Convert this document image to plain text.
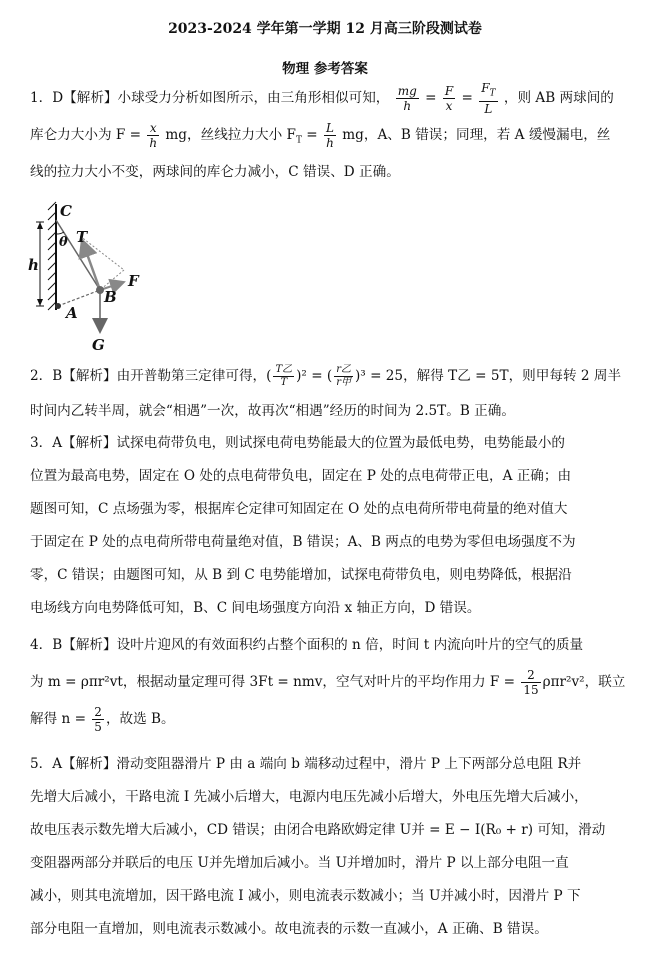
2023-2024 学年第一学期 12 月高三阶段测试卷
物理 参考答案
1．D【解析】小球受力分析如图所示，由三角形相似可知， $\frac{mg}{h} = \frac{F}{x} = \frac{F_T}{L}$ ，则 AB 两球间的
库仑力大小为 $F = \frac{x}{h}$ mg，丝线拉力大小 $F_T = \frac{L}{h}$ mg，A、B 错误；同理，若 A 缓慢漏电，丝
线的拉力大小不变，两球间的库仑力减小，C 错误、D 正确。
C
θ T
h
B
F
A
G
2．B【解析】由开普勒第三定律可得，( $\frac{\text{T乙}}{T} )^2$ = ( $\frac{\text{r乙}}{\text{r甲}} )^3 = 25$，解得 T乙 = 5T，则甲每转 2 周半
时间内乙转半周，就会“相遇”一次，故再次“相遇”经历的时间为 2.5T。B 正确。
3．A【解析】试探电荷带负电，则试探电荷电势能最大的位置为最低电势，电势能最小的
位置为最高电势，固定在 O 处的点电荷带负电，固定在 P 处的点电荷带正电，A 正确；由
题图可知，C 点场强为零，根据库仑定律可知固定在 O 处的点电荷所带电荷量的绝对值大
于固定在 P 处的点电荷所带电荷量绝对值，B 错误；A、B 两点的电势为零但电场强度不为
零，C 错误；由题图可知，从 B 到 C 电势能增加，试探电荷带负电，则电势降低，根据沿
电场线方向电势降低可知，B、C 间电场强度方向沿 x 轴正方向，D 错误。
4．B【解析】设叶片迎风的有效面积约占整个面积的 n 倍，时间 t 内流向叶片的空气的质量
为 m = ρπr²vt，根据动量定理可得 3Ft = nmv，空气对叶片的平均作用力 $F = \frac{2}{15} \rho\pi r^2v^2$，联立
解得 $n = \frac{2}{5}$ ，故选 B。
5．A【解析】滑动变阻器滑片 P 由 a 端向 b 端移动过程中，滑片 P 上下两部分总电阻 R并
先增大后减小，干路电流 I 先减小后增大，电源内电压先减小后增大，外电压先增大后减小，
故电压表示数先增大后减小，CD 错误；由闭合电路欧姆定律 U并 = E − I(R₀ + r) 可知，滑动
变阻器两部分并联后的电压 U并先增加后减小。当 U并增加时，滑片 P 以上部分电阻一直
减小，则其电流增加，因干路电流 I 减小，则电流表示数减小；当 U并减小时，因滑片 P 下
部分电阻一直增加，则电流表示数减小。故电流表的示数一直减小，A 正确、B 错误。
